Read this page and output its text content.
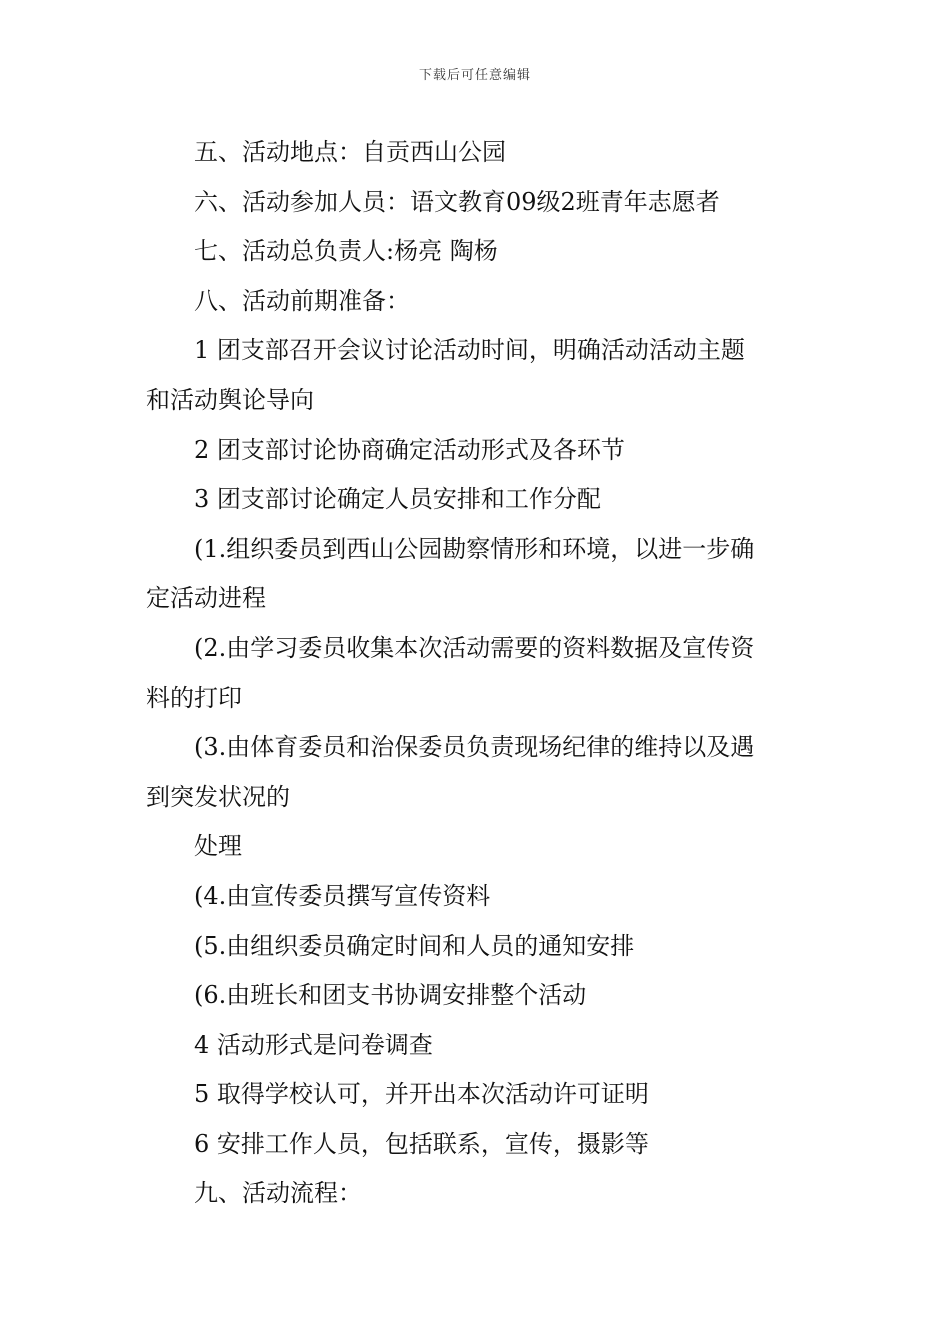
下载后可任意编辑

五、活动地点：自贡西山公园

六、活动参加人员：语文教育09级2班青年志愿者

七、活动总负责人:杨亮 陶杨

八、活动前期准备：

1 团支部召开会议讨论活动时间，明确活动活动主题

和活动舆论导向

2 团支部讨论协商确定活动形式及各环节

3 团支部讨论确定人员安排和工作分配

(1.组织委员到西山公园勘察情形和环境，以进一步确

定活动进程

(2.由学习委员收集本次活动需要的资料数据及宣传资

料的打印

(3.由体育委员和治保委员负责现场纪律的维持以及遇

到突发状况的

处理

(4.由宣传委员撰写宣传资料

(5.由组织委员确定时间和人员的通知安排

(6.由班长和团支书协调安排整个活动

4 活动形式是问卷调查

5 取得学校认可，并开出本次活动许可证明

6 安排工作人员，包括联系，宣传，摄影等

九、活动流程：
